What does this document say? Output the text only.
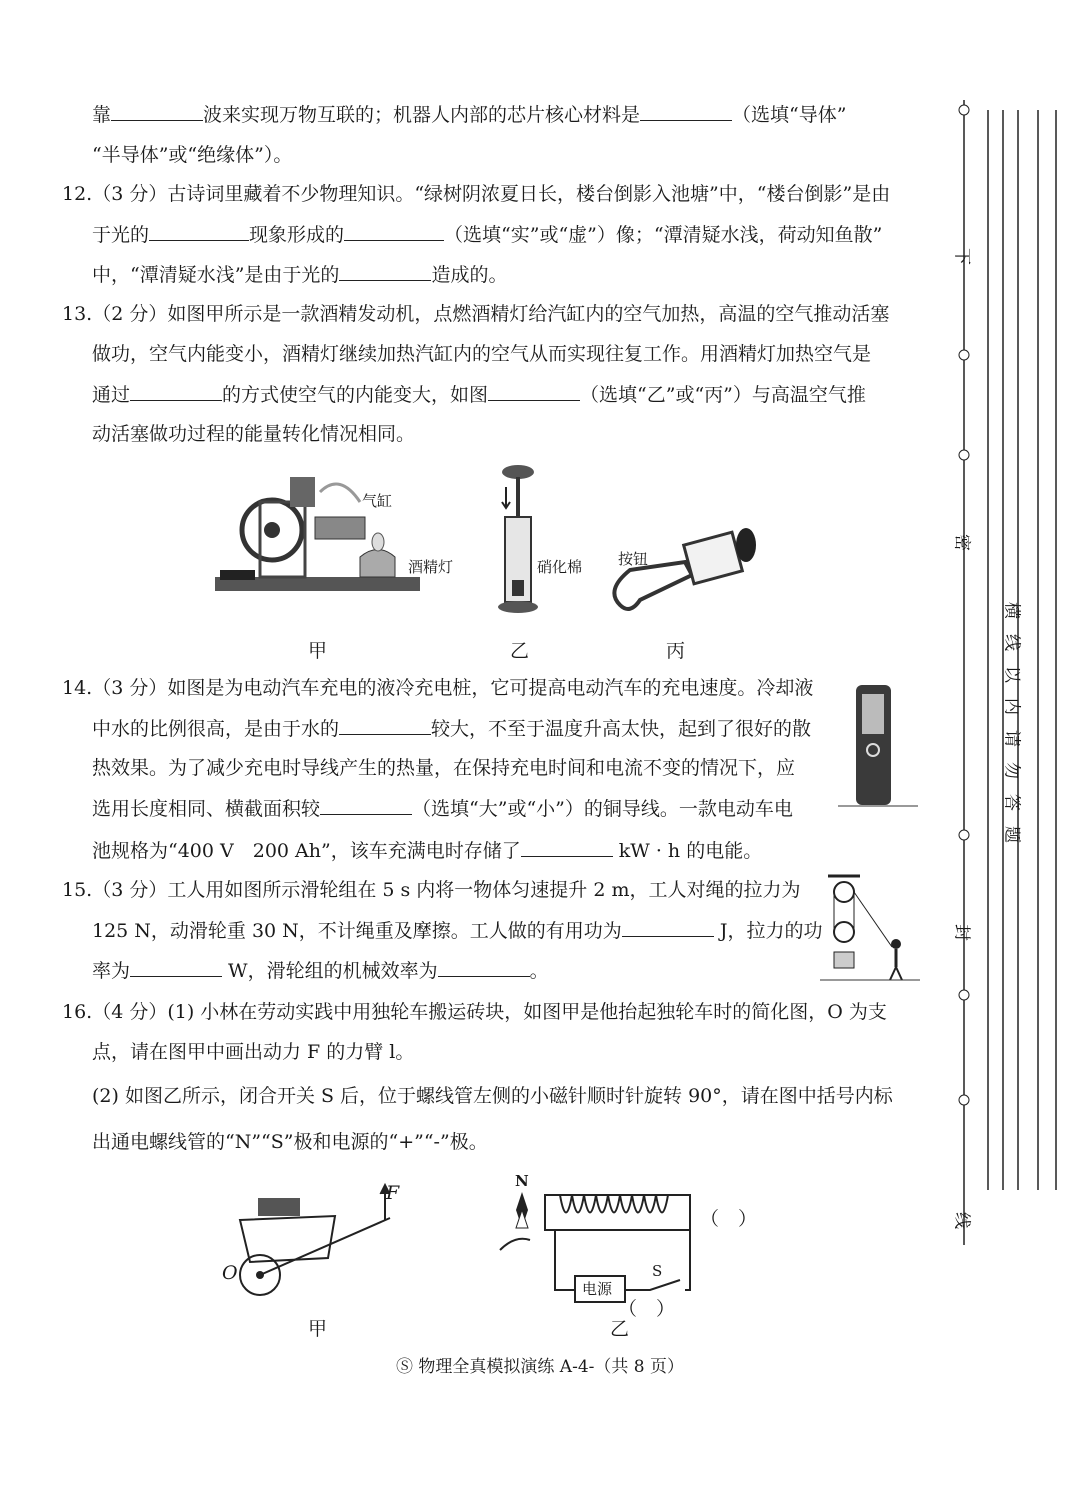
靠	波来实现万物互联的；机器人内部的芯片核心材料是	（选填“导体”
“半导体”或“绝缘体”）。
12.（3 分）古诗词里藏着不少物理知识。“绿树阴浓夏日长，楼台倒影入池塘”中，“楼台倒影”是由
于光的	现象形成的	（选填“实”或“虚”）像；“潭清疑水浅，荷动知鱼散”
中，“潭清疑水浅”是由于光的	造成的。
13.（2 分）如图甲所示是一款酒精发动机，点燃酒精灯给汽缸内的空气加热，高温的空气推动活塞
做功，空气内能变小，酒精灯继续加热汽缸内的空气从而实现往复工作。用酒精灯加热空气是
通过	的方式使空气的内能变大，如图	（选填“乙”或“丙”）与高温空气推
动活塞做功过程的能量转化情况相同。
气缸
酒精灯	硝化棉 按钮
甲	乙	丙
14.（3 分）如图是为电动汽车充电的液冷充电桩，它可提高电动汽车的充电速度。冷却液
中水的比例很高，是由于水的	较大，不至于温度升高太快，起到了很好的散
热效果。为了减少充电时导线产生的热量，在保持充电时间和电流不变的情况下，应
选用长度相同、横截面积较	（选填“大”或“小”）的铜导线。一款电动车电
池规格为“400 V　200 Ah”，该车充满电时存储了	kW · h 的电能。
15.（3 分）工人用如图所示滑轮组在 5 s 内将一物体匀速提升 2 m，工人对绳的拉力为
125 N，动滑轮重 30 N，不计绳重及摩擦。工人做的有用功为	J，拉力的功
率为	W，滑轮组的机械效率为	。
16.（4 分）(1) 小林在劳动实践中用独轮车搬运砖块，如图甲是他抬起独轮车时的简化图，O 为支
点，请在图甲中画出动力 F 的力臂 l。
(2) 如图乙所示，闭合开关 S 后，位于螺线管左侧的小磁针顺时针旋转 90°，请在图中括号内标
出通电螺线管的“N”“S”极和电源的“+”“-”极。
F
O
N
电源
S
（　）
（　）
甲	乙
Ⓢ 物理全真模拟演练 A-4-（共 8 页）
下
密
封
线
横
线
以
内
请
勿
答
题
